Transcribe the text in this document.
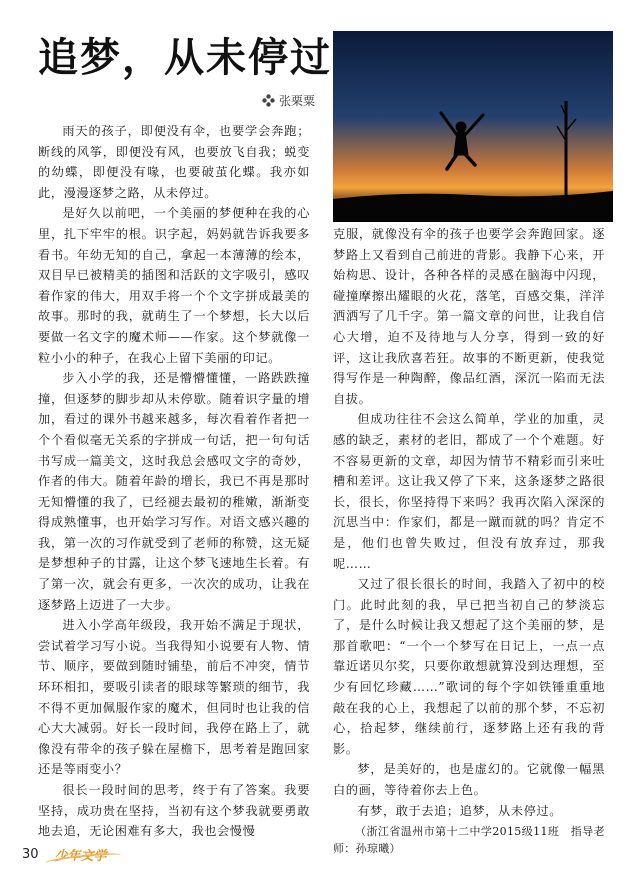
追梦，从未停过
张栗粟

雨天的孩子，即便没有伞，也要学会奔跑；断线的风筝，即便没有风，也要放飞自我；蜕变的幼蝶，即便没有喙，也要破茧化蝶。我亦如此，漫漫逐梦之路，从未停过。

是好久以前吧，一个美丽的梦便种在我的心里，扎下牢牢的根。识字起，妈妈就告诉我要多看书。年幼无知的自己，拿起一本薄薄的绘本，双目早已被精美的插图和活跃的文字吸引，感叹着作家的伟大，用双手将一个个文字拼成最美的故事。那时的我，就萌生了一个梦想，长大以后要做一名文字的魔术师——作家。这个梦就像一粒小小的种子，在我心上留下美丽的印记。

步入小学的我，还是懵懵懂懂，一路跌跌撞撞，但逐梦的脚步却从未停歇。随着识字量的增加，看过的课外书越来越多，每次看着作者把一个个看似毫无关系的字拼成一句话，把一句句话书写成一篇美文，这时我总会感叹文字的奇妙，作者的伟大。随着年龄的增长，我已不再是那时无知懵懂的我了，已经褪去最初的稚嫩，渐渐变得成熟懂事，也开始学习写作。对语文感兴趣的我，第一次的习作就受到了老师的称赞，这无疑是梦想种子的甘露，让这个梦飞速地生长着。有了第一次，就会有更多，一次次的成功，让我在逐梦路上迈进了一大步。

进入小学高年级段，我开始不满足于现状，尝试着学习写小说。当我得知小说要有人物、情节、顺序，要做到随时铺垫，前后不冲突，情节环环相扣，要吸引读者的眼球等繁琐的细节，我不得不更加佩服作家的魔术，但同时也让我的信心大大减弱。好长一段时间，我停在路上了，就像没有带伞的孩子躲在屋檐下，思考着是跑回家还是等雨变小？

很长一段时间的思考，终于有了答案。我要坚持，成功贵在坚持，当初有这个梦我就要勇敢地去追，无论困难有多大，我也会慢慢

克服，就像没有伞的孩子也要学会奔跑回家。逐梦路上又看到自己前进的背影。我静下心来，开始构思、设计，各种各样的灵感在脑海中闪现，碰撞摩擦出耀眼的火花，落笔，百感交集，洋洋洒洒写了几千字。第一篇文章的问世，让我自信心大增，迫不及待地与人分享，得到一致的好评，这让我欣喜若狂。故事的不断更新，使我觉得写作是一种陶醉，像品红酒，深沉一陷而无法自拔。

但成功往往不会这么简单，学业的加重，灵感的缺乏，素材的老旧，都成了一个个难题。好不容易更新的文章，却因为情节不精彩而引来吐槽和差评。这让我又停了下来，这条逐梦之路很长，很长，你坚持得下来吗？我再次陷入深深的沉思当中：作家们，都是一蹴而就的吗？肯定不是，他们也曾失败过，但没有放弃过，那我呢……

又过了很长很长的时间，我踏入了初中的校门。此时此刻的我，早已把当初自己的梦淡忘了，是什么时候让我又想起了这个美丽的梦，是那首歌吧：“一个一个梦写在日记上，一点一点靠近诺贝尔奖，只要你敢想就算没到达理想，至少有回忆珍藏……”歌词的每个字如铁锤重重地敲在我的心上，我想起了以前的那个梦，不忘初心，拾起梦，继续前行，逐梦路上还有我的背影。

梦，是美好的，也是虚幻的。它就像一幅黑白的画，等待着你去上色。

有梦，敢于去追；追梦，从未停过。

（浙江省温州市第十二中学2015级11班　指导老师：孙琼曦）

30	少年文学
